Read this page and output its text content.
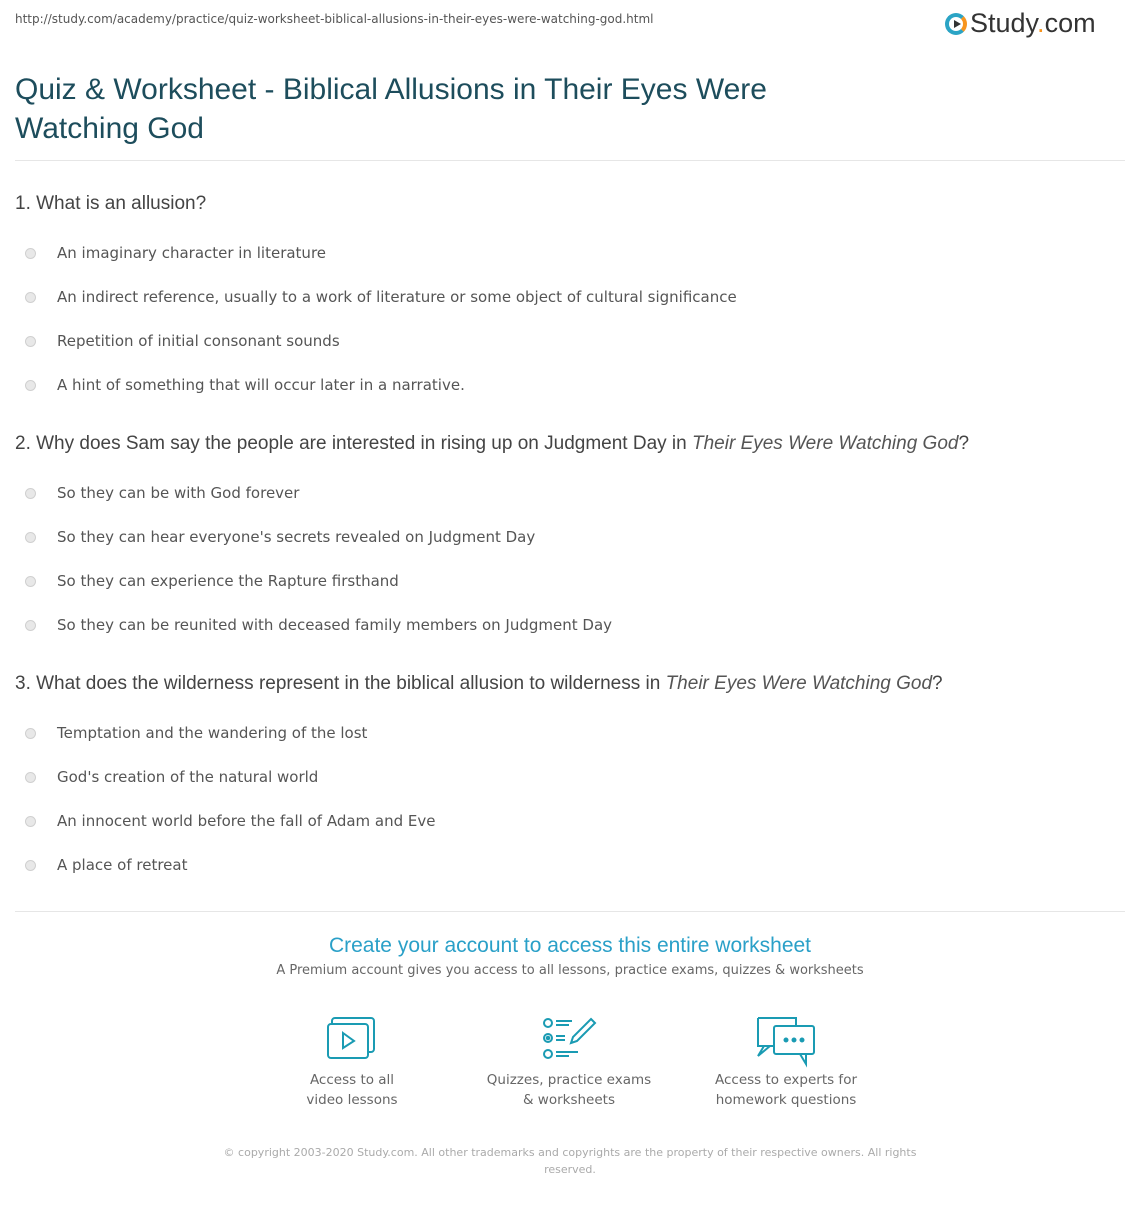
http://study.com/academy/practice/quiz-worksheet-biblical-allusions-in-their-eyes-were-watching-god.html	Study.com
Quiz & Worksheet - Biblical Allusions in Their Eyes Were Watching God
1. What is an allusion?
An imaginary character in literature
An indirect reference, usually to a work of literature or some object of cultural significance
Repetition of initial consonant sounds
A hint of something that will occur later in a narrative.
2. Why does Sam say the people are interested in rising up on Judgment Day in Their Eyes Were Watching God?
So they can be with God forever
So they can hear everyone's secrets revealed on Judgment Day
So they can experience the Rapture firsthand
So they can be reunited with deceased family members on Judgment Day
3. What does the wilderness represent in the biblical allusion to wilderness in Their Eyes Were Watching God?
Temptation and the wandering of the lost
God's creation of the natural world
An innocent world before the fall of Adam and Eve
A place of retreat
Create your account to access this entire worksheet
A Premium account gives you access to all lessons, practice exams, quizzes & worksheets
Access to all
video lessons
Quizzes, practice exams
& worksheets
Access to experts for
homework questions
© copyright 2003-2020 Study.com. All other trademarks and copyrights are the property of their respective owners. All rights reserved.
